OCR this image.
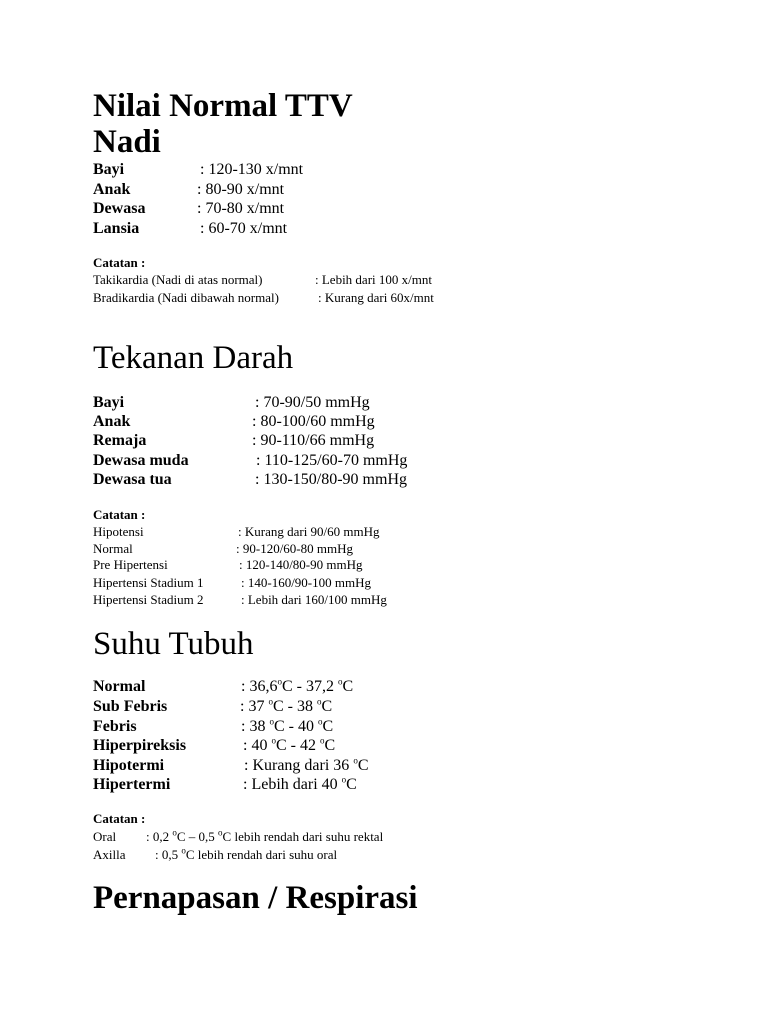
Nilai Normal TTV
Nadi
Bayi	: 120-130 x/mnt
Anak	: 80-90 x/mnt
Dewasa	: 70-80 x/mnt
Lansia	: 60-70 x/mnt
Catatan :
Takikardia (Nadi di atas normal)	: Lebih dari 100 x/mnt
Bradikardia (Nadi dibawah normal)	: Kurang dari 60x/mnt
Tekanan Darah
Bayi	: 70-90/50 mmHg
Anak	: 80-100/60 mmHg
Remaja	: 90-110/66 mmHg
Dewasa muda	: 110-125/60-70 mmHg
Dewasa tua	: 130-150/80-90 mmHg
Catatan :
Hipotensi	: Kurang dari 90/60 mmHg
Normal	: 90-120/60-80 mmHg
Pre Hipertensi	: 120-140/80-90 mmHg
Hipertensi Stadium 1	: 140-160/90-100 mmHg
Hipertensi Stadium 2	: Lebih dari 160/100 mmHg
Suhu Tubuh
Normal	: 36,6$^o$C - 37,2 $^o$C
Sub Febris	: 37 $^o$C - 38 $^o$C
Febris	: 38 $^o$C - 40 $^o$C
Hiperpireksis	: 40 $^o$C - 42 $^o$C
Hipotermi	: Kurang dari 36 $^o$C
Hipertermi	: Lebih dari 40 $^o$C
Catatan :
Oral : 0,2 $^o$C – 0,5 $^o$C lebih rendah dari suhu rektal
Axilla : 0,5 $^o$C lebih rendah dari suhu oral
Pernapasan / Respirasi
